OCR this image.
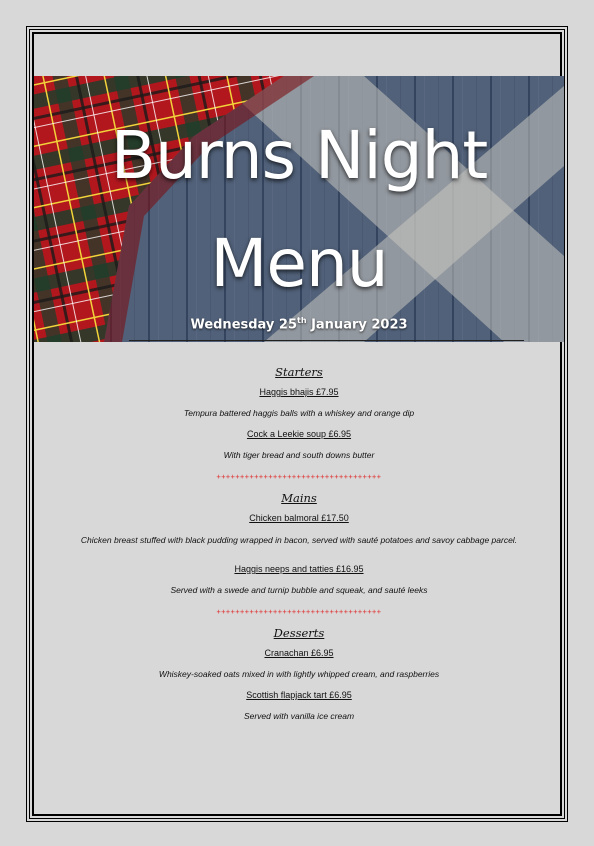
Burns Night

Menu

Wednesday 25th January 2023
Starters
Haggis bhajis £7.95
Tempura battered haggis balls with a whiskey and orange dip
Cock a Leekie soup £6.95
With tiger bread and south downs butter
+++++++++++++++++++++++++++++++++++
Mains
Chicken balmoral £17.50
Chicken breast stuffed with black pudding wrapped in bacon, served with sauté potatoes and savoy cabbage parcel.
Haggis neeps and tatties £16.95
Served with a swede and turnip bubble and squeak, and sauté leeks
+++++++++++++++++++++++++++++++++++
Desserts
Cranachan £6.95
Whiskey-soaked oats mixed in with lightly whipped cream, and raspberries
Scottish flapjack tart £6.95
Served with vanilla ice cream
